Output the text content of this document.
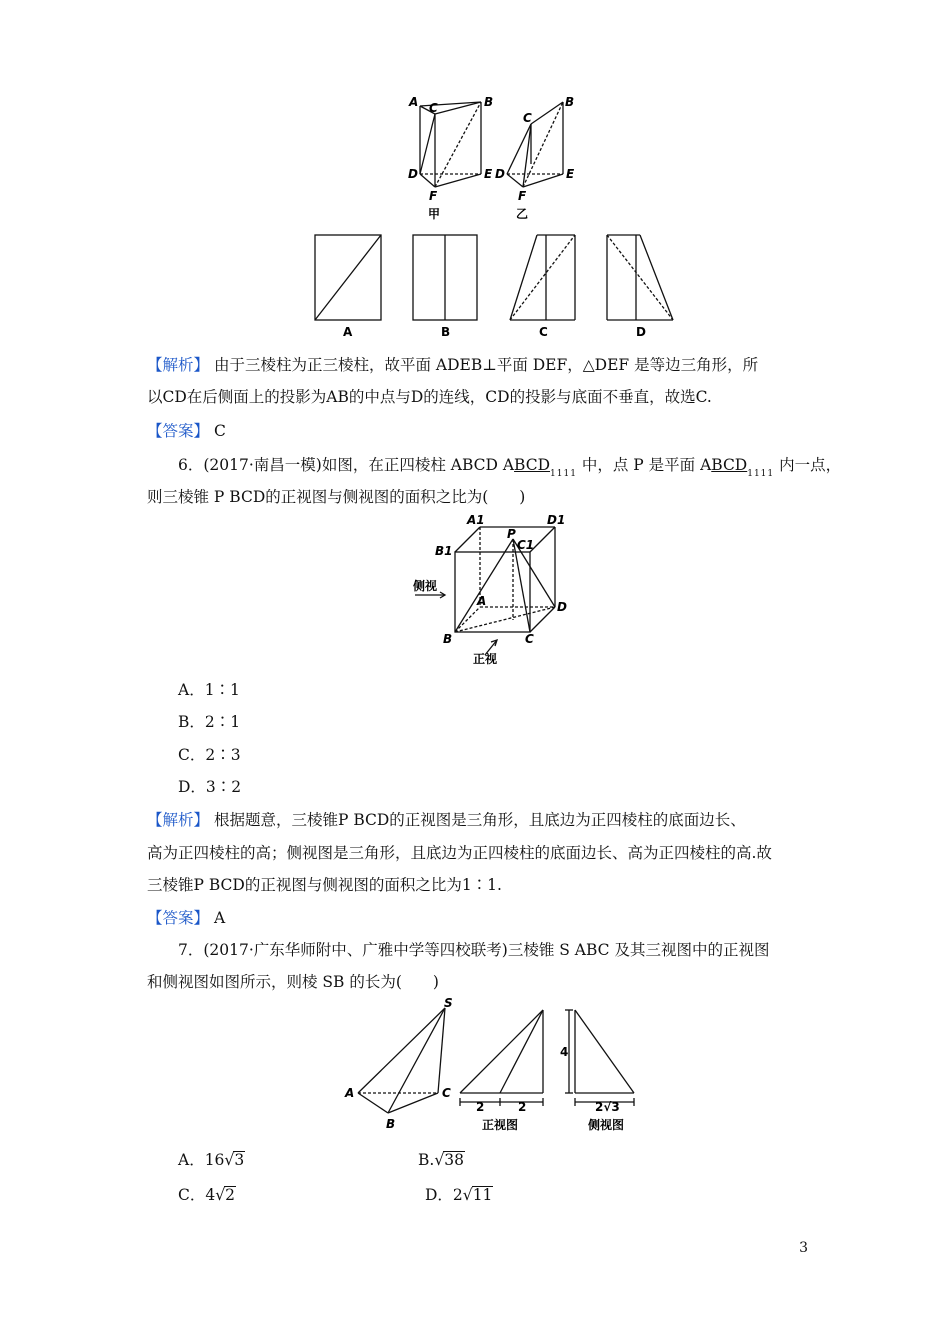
A C	B
D	E
F
C
B
D	E
F
甲	乙
A	B	C	D
【解析】 由于三棱柱为正三棱柱，故平面 ADEB⊥平面 DEF，△DEF 是等边三角形，所
以CD在后侧面上的投影为AB的中点与D的连线，CD的投影与底面不垂直，故选C.
【答案】 C
6．(2017·南昌一模)如图，在正四棱柱 ABCD $ABCD_{1111}$ 中，点 P 是平面 $ABCD_{1111}$ 内一点，
则三棱锥 P BCD的正视图与侧视图的面积之比为(　　)
A1	D1
P
C1
B1
A	D
B	C
侧视
正视
A．1∶1
B．2∶1
C．2∶3
D．3∶2
【解析】 根据题意，三棱锥P BCD的正视图是三角形，且底边为正四棱柱的底面边长、
高为正四棱柱的高；侧视图是三角形，且底边为正四棱柱的底面边长、高为正四棱柱的高.故
三棱锥P BCD的正视图与侧视图的面积之比为1∶1.
【答案】 A
7．(2017·广东华师附中、广雅中学等四校联考)三棱锥 S ABC 及其三视图中的正视图
和侧视图如图所示，则棱 SB 的长为(　　)
S
A	C
B
2	2
4
2√3
正视图	侧视图
A．16√3	B.√38
C．4√2	D．2√11
3
